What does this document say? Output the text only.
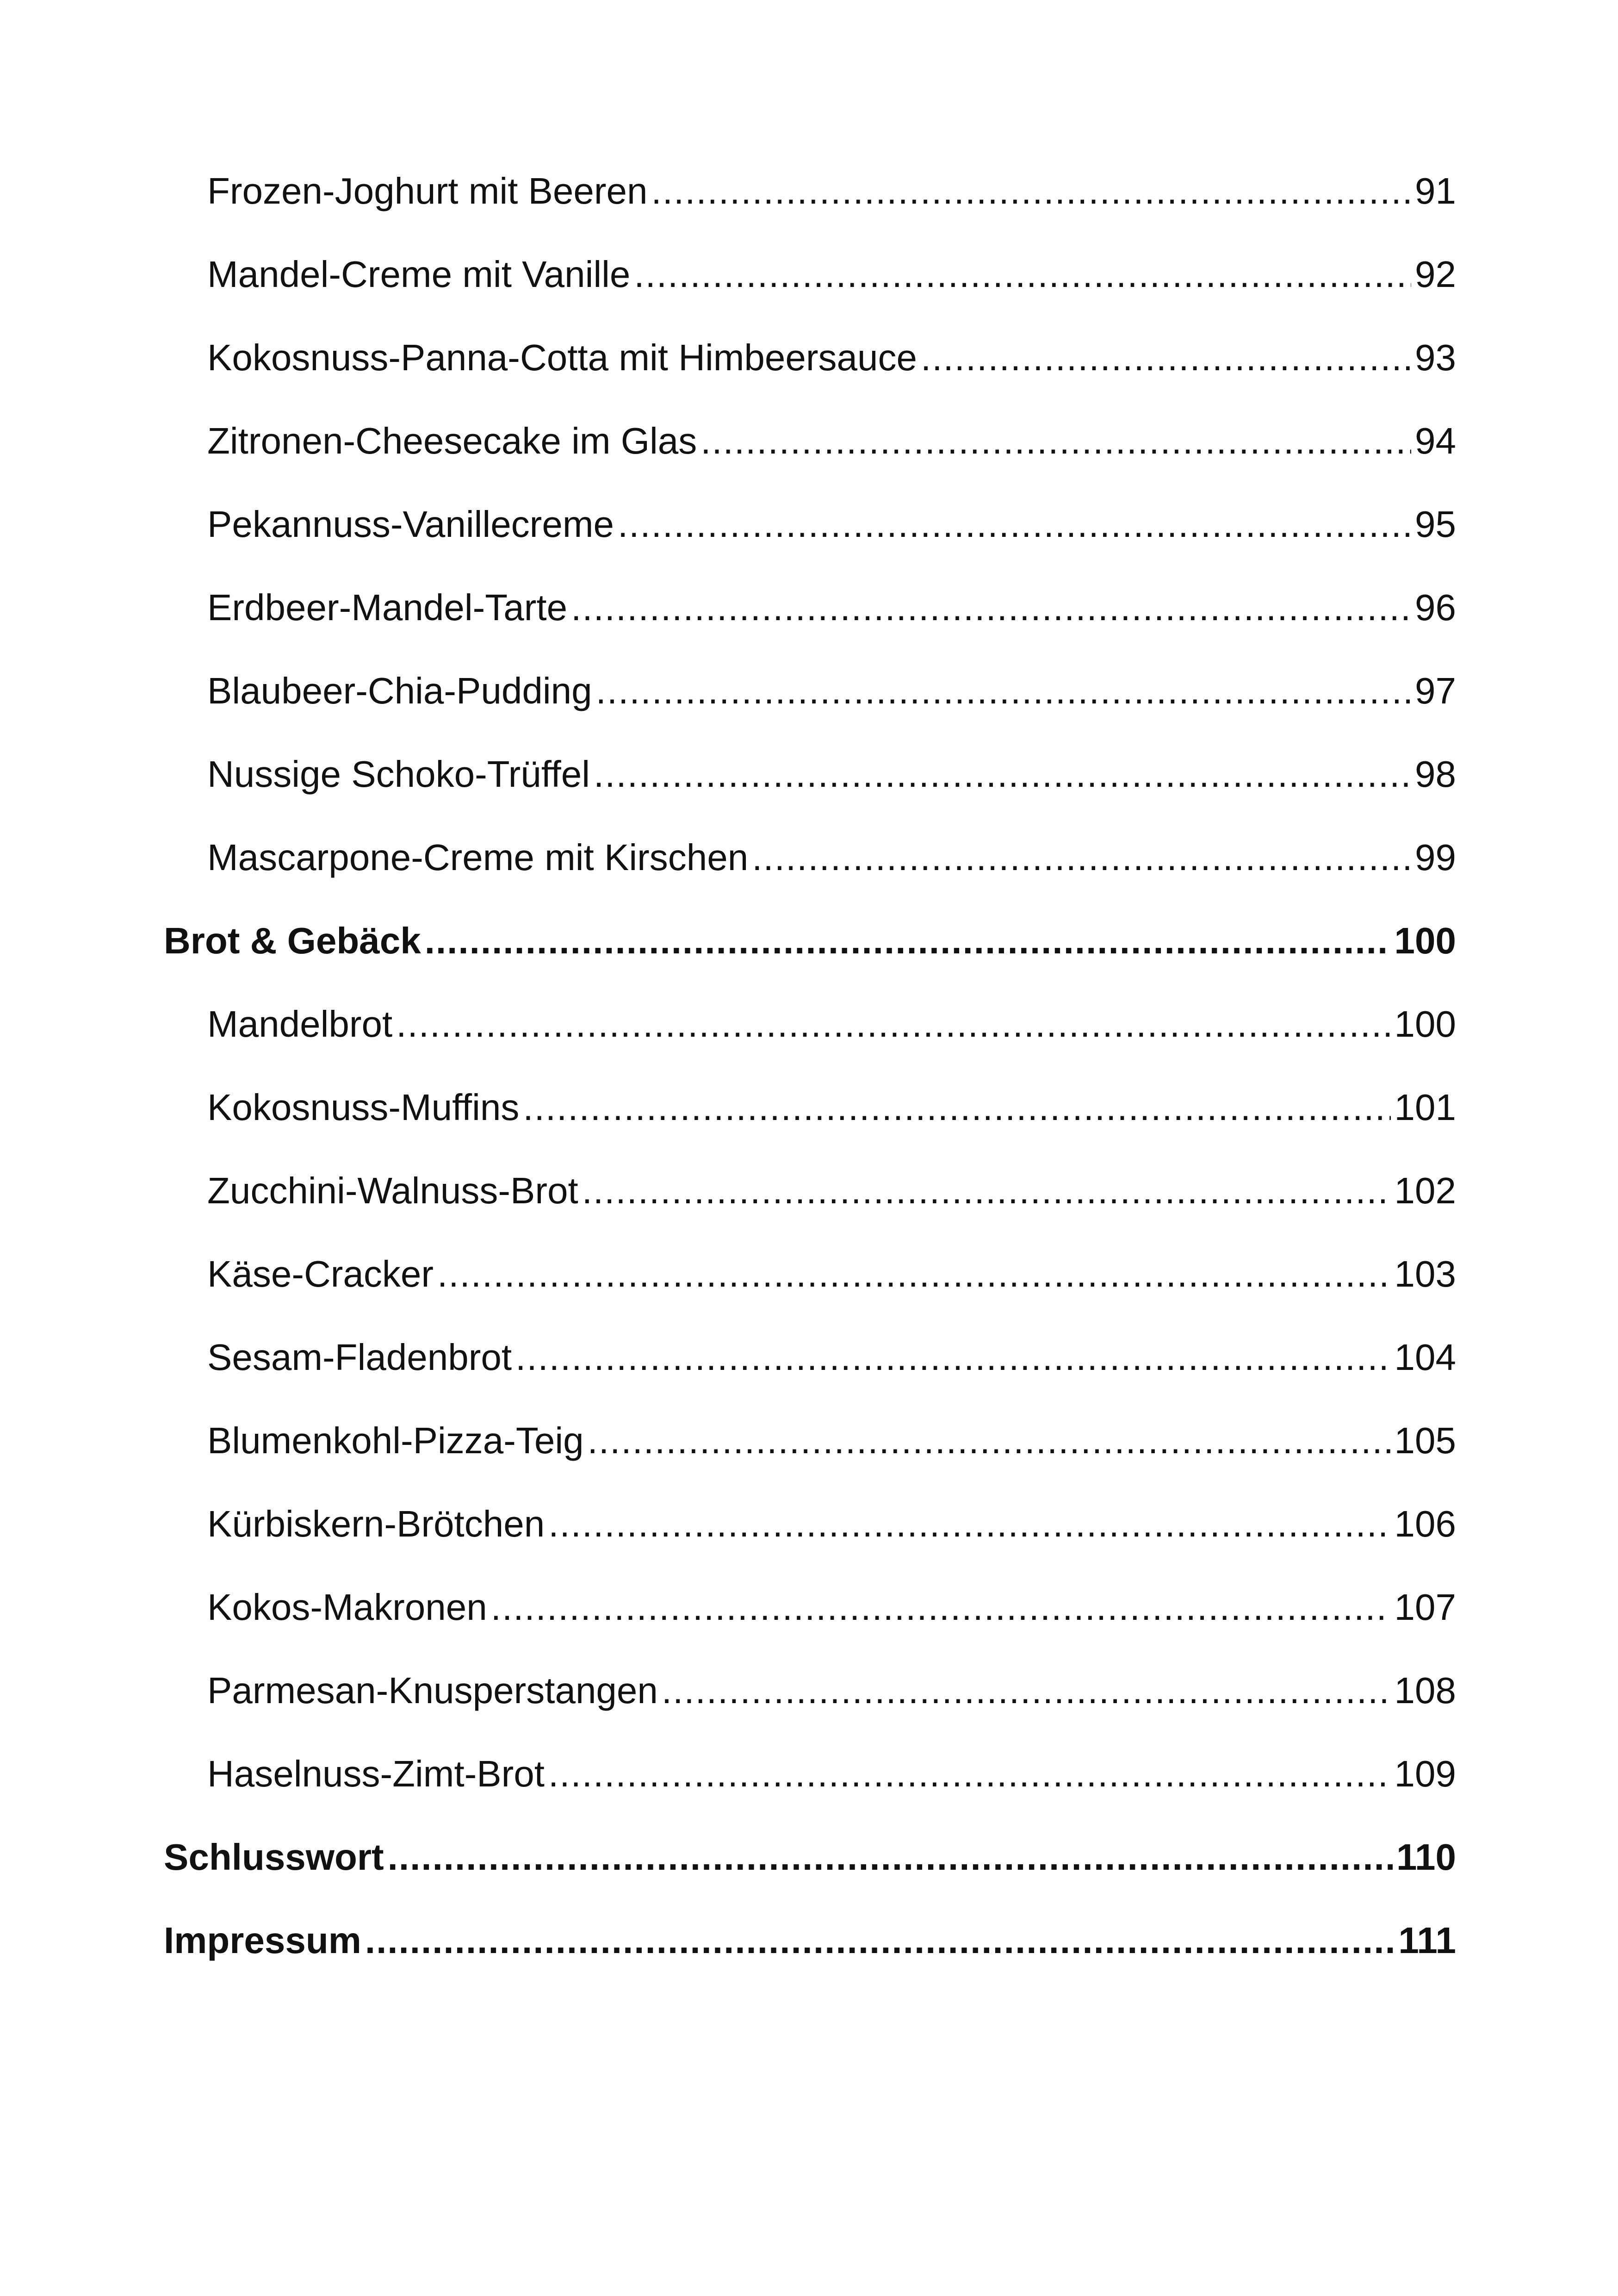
Frozen-Joghurt mit Beeren .....	91
Mandel-Creme mit Vanille .....	92
Kokosnuss-Panna-Cotta mit Himbeersauce .....	93
Zitronen-Cheesecake im Glas .....	94
Pekannuss-Vanillecreme .....	95
Erdbeer-Mandel-Tarte .....	96
Blaubeer-Chia-Pudding .....	97
Nussige Schoko-Trüffel .....	98
Mascarpone-Creme mit Kirschen .....	99
Brot & Gebäck .....	100
Mandelbrot .....	100
Kokosnuss-Muffins .....	101
Zucchini-Walnuss-Brot .....	102
Käse-Cracker .....	103
Sesam-Fladenbrot .....	104
Blumenkohl-Pizza-Teig .....	105
Kürbiskern-Brötchen .....	106
Kokos-Makronen .....	107
Parmesan-Knusperstangen .....	108
Haselnuss-Zimt-Brot .....	109
Schlusswort .....	110
Impressum .....	111
